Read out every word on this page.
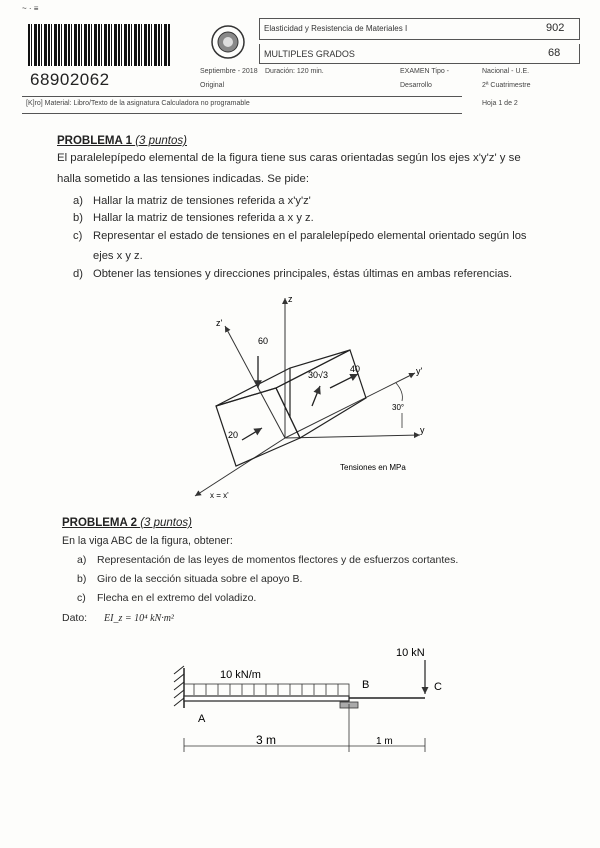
~ · ≡
68902062
Elasticidad y Resistencia de Materiales I	902
MULTIPLES GRADOS	68
Septiembre - 2018
Original
Duración: 120 min.	EXAMEN Tipo -
Desarrollo
Nacional - U.E.
2ª Cuatrimestre
[K]ro] Material: Libro/Texto de la asignatura Calculadora no programable	Hoja 1 de 2
PROBLEMA 1 (3 puntos)
El paralelepípedo elemental de la figura tiene sus caras orientadas según los ejes x'y'z' y se
halla sometido a las tensiones indicadas. Se pide:
a) Hallar la matriz de tensiones referida a x'y'z'
b) Hallar la matriz de tensiones referida a x y z.
c) Representar el estado de tensiones en el paralelepípedo elemental orientado según los
ejes x y z.
d) Obtener las tensiones y direcciones principales, éstas últimas en ambas referencias.
z
z'
y
y'
x = x'
60
40
30√3
20
30°
Tensiones en MPa
PROBLEMA 2 (3 puntos)
En la viga ABC de la figura, obtener:
a) Representación de las leyes de momentos flectores y de esfuerzos cortantes.
b) Giro de la sección situada sobre el apoyo B.
c) Flecha en el extremo del voladizo.
Dato: EI_z = 10⁴ kN·m²
10 kN/m
10 kN
A
B	C
3 m	1 m
